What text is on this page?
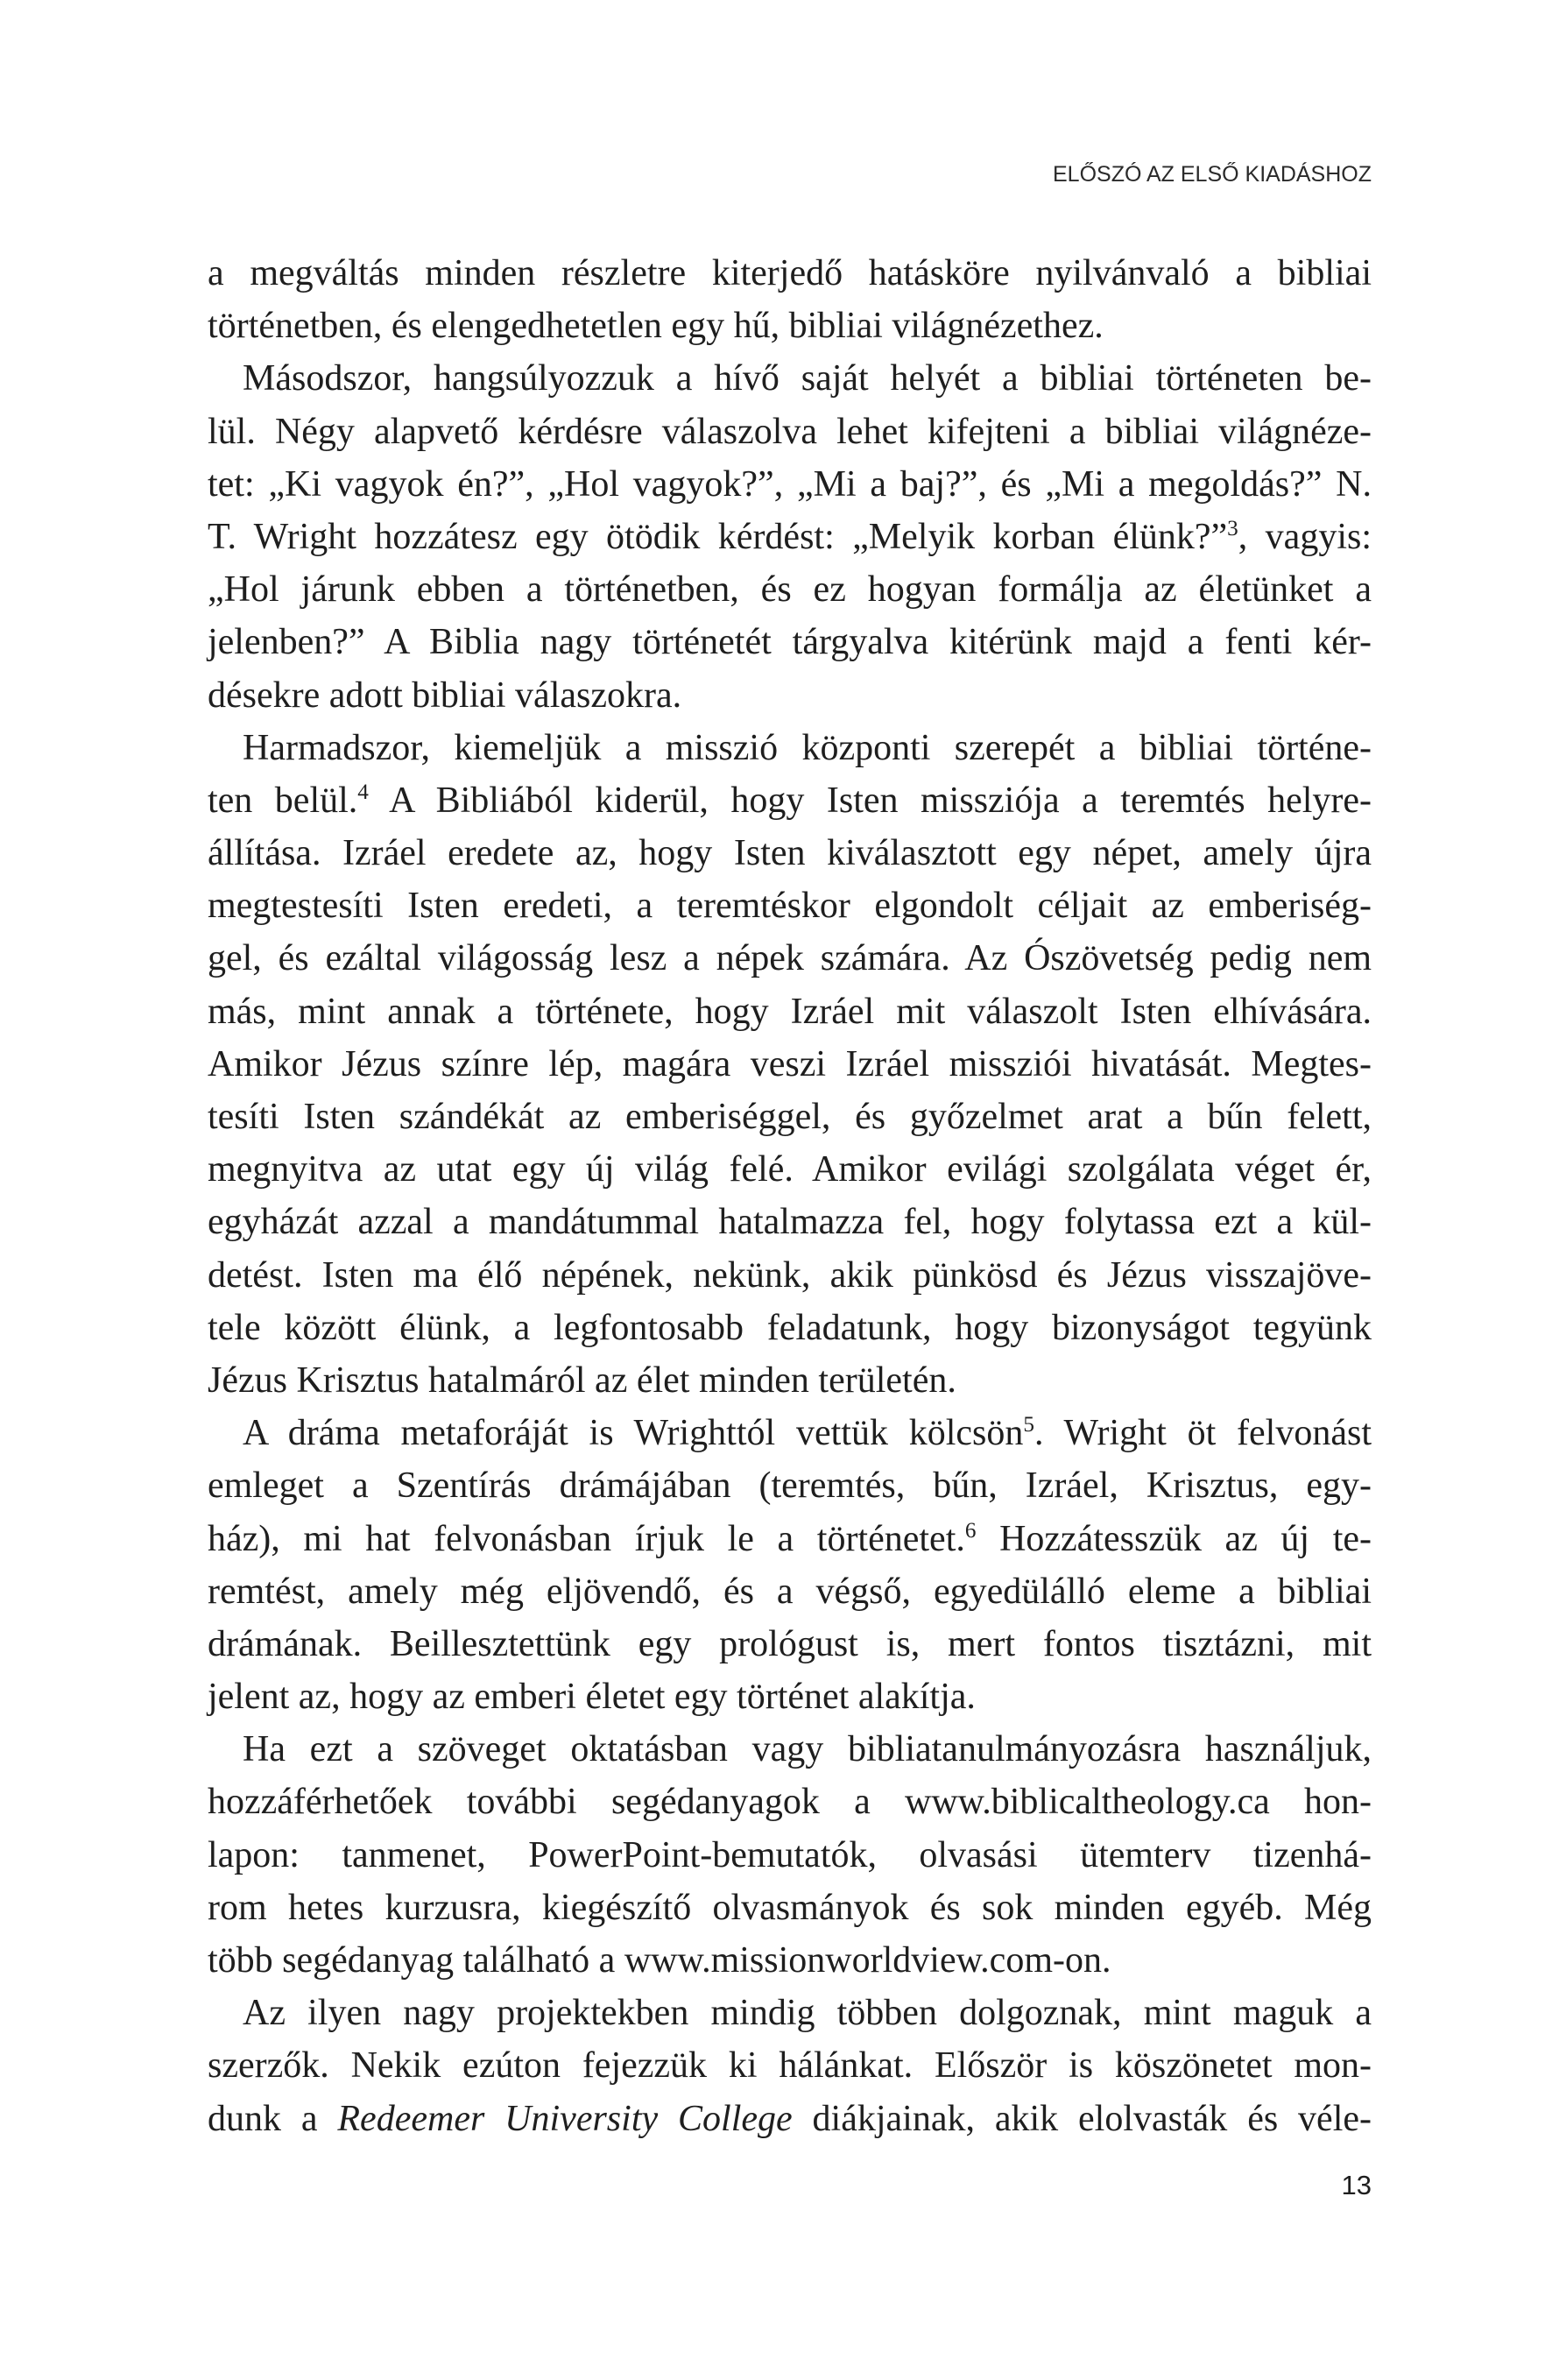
ELŐSZÓ AZ ELSŐ KIADÁSHOZ
a megváltás minden részletre kiterjedő hatásköre nyilvánvaló a bibliai
történetben, és elengedhetetlen egy hű, bibliai világnézethez.
Másodszor, hangsúlyozzuk a hívő saját helyét a bibliai történeten be-
lül. Négy alapvető kérdésre válaszolva lehet kifejteni a bibliai világnéze-
tet: „Ki vagyok én?”, „Hol vagyok?”, „Mi a baj?”, és „Mi a megoldás?” N.
T. Wright hozzátesz egy ötödik kérdést: „Melyik korban élünk?”$^3$, vagyis:
„Hol járunk ebben a történetben, és ez hogyan formálja az életünket a
jelenben?” A Biblia nagy történetét tárgyalva kitérünk majd a fenti kér-
désekre adott bibliai válaszokra.
Harmadszor, kiemeljük a misszió központi szerepét a bibliai történe-
ten belül.$^4$ A Bibliából kiderül, hogy Isten missziója a teremtés helyre-
állítása. Izráel eredete az, hogy Isten kiválasztott egy népet, amely újra
megtestesíti Isten eredeti, a teremtéskor elgondolt céljait az emberiség-
gel, és ezáltal világosság lesz a népek számára. Az Ószövetség pedig nem
más, mint annak a története, hogy Izráel mit válaszolt Isten elhívására.
Amikor Jézus színre lép, magára veszi Izráel missziói hivatását. Megtes-
tesíti Isten szándékát az emberiséggel, és győzelmet arat a bűn felett,
megnyitva az utat egy új világ felé. Amikor evilági szolgálata véget ér,
egyházát azzal a mandátummal hatalmazza fel, hogy folytassa ezt a kül-
detést. Isten ma élő népének, nekünk, akik pünkösd és Jézus visszajöve-
tele között élünk, a legfontosabb feladatunk, hogy bizonyságot tegyünk
Jézus Krisztus hatalmáról az élet minden területén.
A dráma metaforáját is Wrighttól vettük kölcsön$^5$. Wright öt felvonást
emleget a Szentírás drámájában (teremtés, bűn, Izráel, Krisztus, egy-
ház), mi hat felvonásban írjuk le a történetet.$^6$ Hozzátesszük az új te-
remtést, amely még eljövendő, és a végső, egyedülálló eleme a bibliai
drámának. Beillesztettünk egy prológust is, mert fontos tisztázni, mit
jelent az, hogy az emberi életet egy történet alakítja.
Ha ezt a szöveget oktatásban vagy bibliatanulmányozásra használjuk,
hozzáférhetőek további segédanyagok a www.biblicaltheology.ca hon-
lapon: tanmenet, PowerPoint-bemutatók, olvasási ütemterv tizenhá-
rom hetes kurzusra, kiegészítő olvasmányok és sok minden egyéb. Még
több segédanyag található a www.missionworldview.com-on.
Az ilyen nagy projektekben mindig többen dolgoznak, mint maguk a
szerzők. Nekik ezúton fejezzük ki hálánkat. Először is köszönetet mon-
dunk a Redeemer University College diákjainak, akik elolvasták és véle-
13
